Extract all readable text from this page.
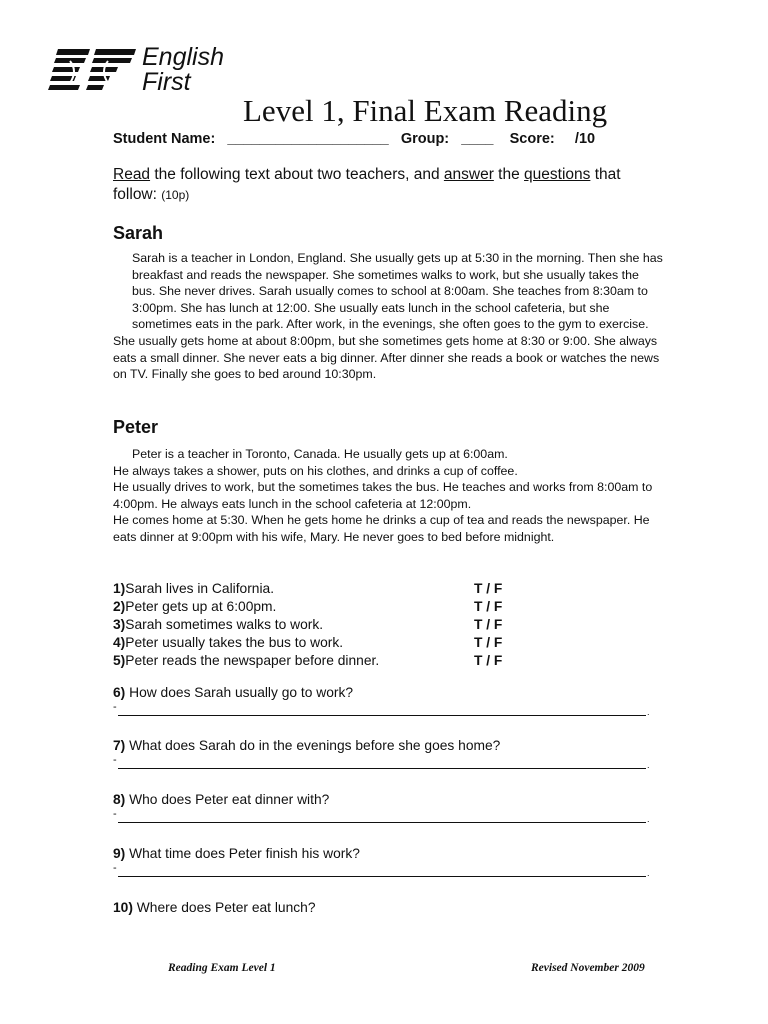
English
First
Level 1, Final Exam Reading
Student Name: ____________________ Group: ____ Score: /10
Read the following text about two teachers, and answer the questions that follow: (10p)
Sarah

Sarah is a teacher in London, England. She usually gets up at 5:30 in the morning. Then she has breakfast and reads the newspaper. She sometimes walks to work, but she usually takes the bus. She never drives. Sarah usually comes to school at 8:00am. She teaches from 8:30am to 3:00pm. She has lunch at 12:00. She usually eats lunch in the school cafeteria, but she sometimes eats in the park. After work, in the evenings, she often goes to the gym to exercise.

She usually gets home at about 8:00pm, but she sometimes gets home at 8:30 or 9:00. She always eats a small dinner. She never eats a big dinner. After dinner she reads a book or watches the news on TV. Finally she goes to bed around 10:30pm.

Peter

Peter is a teacher in Toronto, Canada. He usually gets up at 6:00am.

He always takes a shower, puts on his clothes, and drinks a cup of coffee.

He usually drives to work, but the sometimes takes the bus. He teaches and works from 8:00am to 4:00pm. He always eats lunch in the school cafeteria at 12:00pm.

He comes home at 5:30. When he gets home he drinks a cup of tea and reads the newspaper. He eats dinner at 9:00pm with his wife, Mary. He never goes to bed before midnight.

1) Sarah lives in California.	T / F
2) Peter gets up at 6:00pm.	T / F
3) Sarah sometimes walks to work.	T / F
4) Peter usually takes the bus to work.	T / F
5) Peter reads the newspaper before dinner.	T / F
6) How does Sarah usually go to work?
-	.
7) What does Sarah do in the evenings before she goes home?
-	.
8) Who does Peter eat dinner with?
-	.
9) What time does Peter finish his work?
-	.
10) Where does Peter eat lunch?
Reading Exam Level 1	Revised November 2009
